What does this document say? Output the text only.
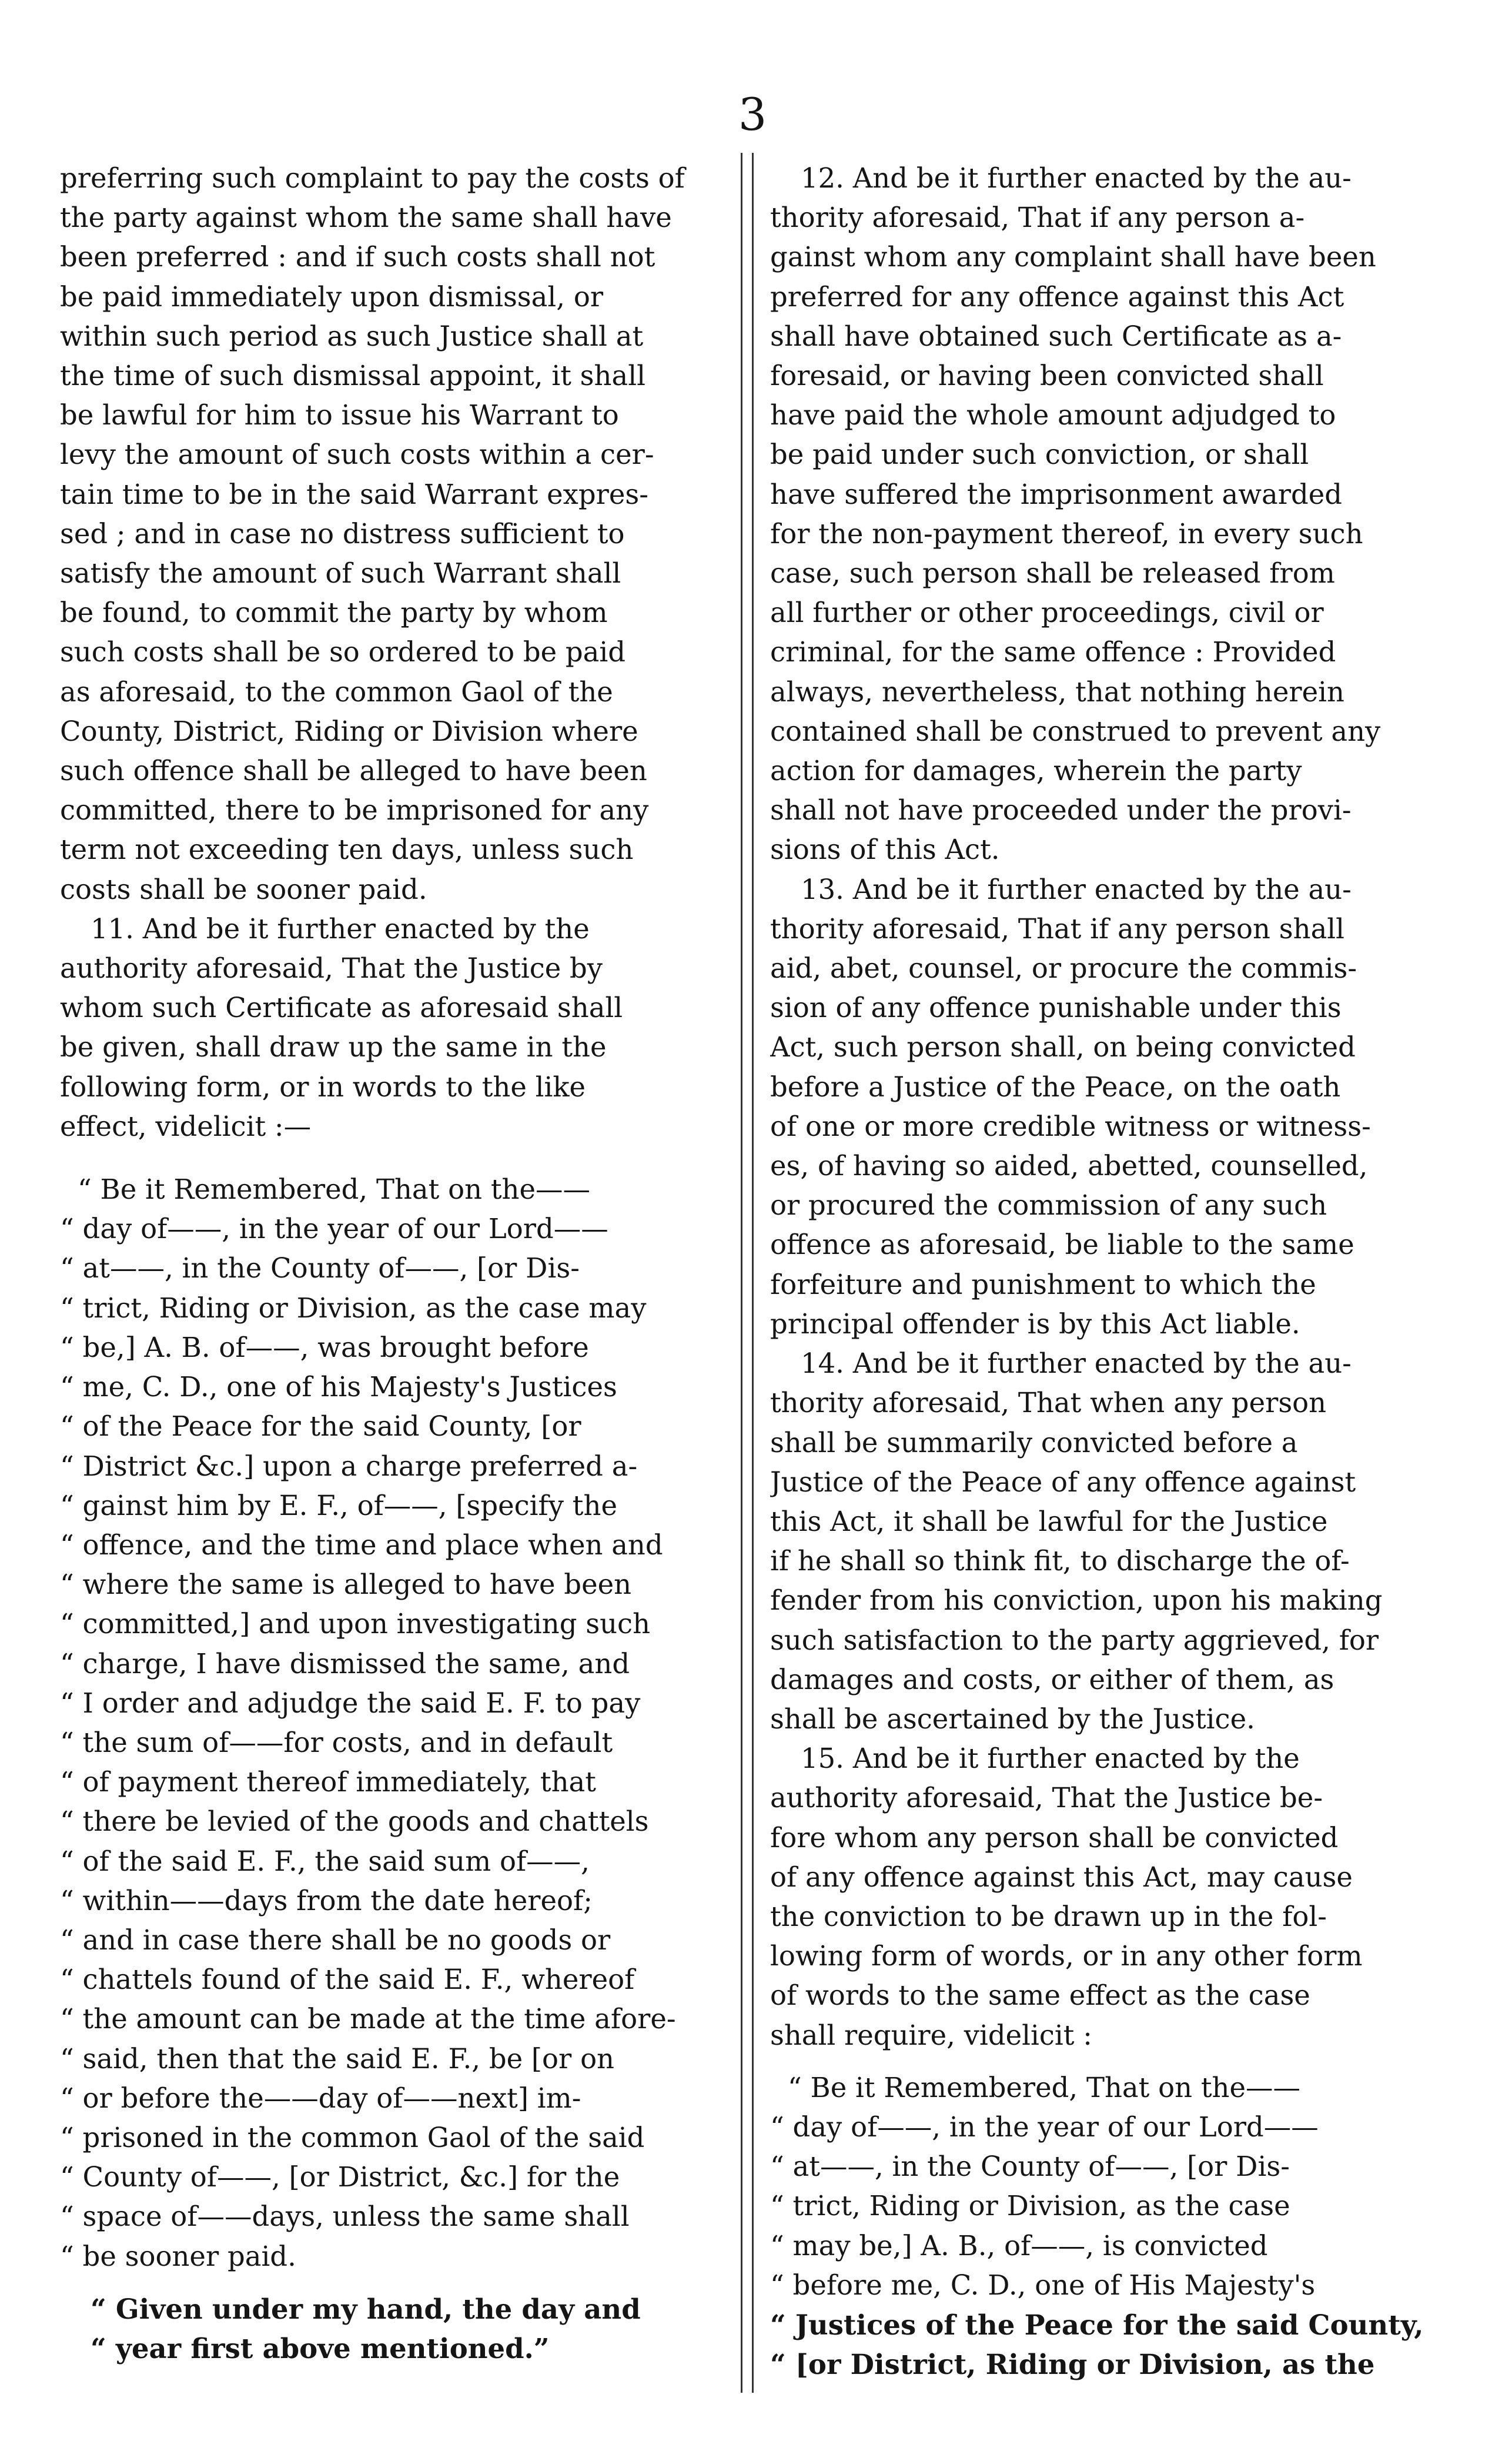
3
preferring such complaint to pay the costs of
the party against whom the same shall have
been preferred : and if such costs shall not
be paid immediately upon dismissal, or
within such period as such Justice shall at
the time of such dismissal appoint, it shall
be lawful for him to issue his Warrant to
levy the amount of such costs within a cer-
tain time to be in the said Warrant expres-
sed ; and in case no distress sufficient to
satisfy the amount of such Warrant shall
be found, to commit the party by whom
such costs shall be so ordered to be paid
as aforesaid, to the common Gaol of the
County, District, Riding or Division where
such offence shall be alleged to have been
committed, there to be imprisoned for any
term not exceeding ten days, unless such
costs shall be sooner paid.
11. And be it further enacted by the
authority aforesaid, That the Justice by
whom such Certificate as aforesaid shall
be given, shall draw up the same in the
following form, or in words to the like
effect, videlicit :—
“ Be it Remembered, That on the——
“ day of——, in the year of our Lord——
“ at——, in the County of——, [or Dis-
“ trict, Riding or Division, as the case may
“ be,] A. B. of——, was brought before
“ me, C. D., one of his Majesty's Justices
“ of the Peace for the said County, [or
“ District &c.] upon a charge preferred a-
“ gainst him by E. F., of——, [specify the
“ offence, and the time and place when and
“ where the same is alleged to have been
“ committed,] and upon investigating such
“ charge, I have dismissed the same, and
“ I order and adjudge the said E. F. to pay
“ the sum of——for costs, and in default
“ of payment thereof immediately, that
“ there be levied of the goods and chattels
“ of the said E. F., the said sum of——,
“ within——days from the date hereof;
“ and in case there shall be no goods or
“ chattels found of the said E. F., whereof
“ the amount can be made at the time afore-
“ said, then that the said E. F., be [or on
“ or before the——day of——next] im-
“ prisoned in the common Gaol of the said
“ County of——, [or District, &c.] for the
“ space of——days, unless the same shall
“ be sooner paid.
“ Given under my hand, the day and
“ year first above mentioned.”
12. And be it further enacted by the au-
thority aforesaid, That if any person a-
gainst whom any complaint shall have been
preferred for any offence against this Act
shall have obtained such Certificate as a-
foresaid, or having been convicted shall
have paid the whole amount adjudged to
be paid under such conviction, or shall
have suffered the imprisonment awarded
for the non-payment thereof, in every such
case, such person shall be released from
all further or other proceedings, civil or
criminal, for the same offence : Provided
always, nevertheless, that nothing herein
contained shall be construed to prevent any
action for damages, wherein the party
shall not have proceeded under the provi-
sions of this Act.
13. And be it further enacted by the au-
thority aforesaid, That if any person shall
aid, abet, counsel, or procure the commis-
sion of any offence punishable under this
Act, such person shall, on being convicted
before a Justice of the Peace, on the oath
of one or more credible witness or witness-
es, of having so aided, abetted, counselled,
or procured the commission of any such
offence as aforesaid, be liable to the same
forfeiture and punishment to which the
principal offender is by this Act liable.
14. And be it further enacted by the au-
thority aforesaid, That when any person
shall be summarily convicted before a
Justice of the Peace of any offence against
this Act, it shall be lawful for the Justice
if he shall so think fit, to discharge the of-
fender from his conviction, upon his making
such satisfaction to the party aggrieved, for
damages and costs, or either of them, as
shall be ascertained by the Justice.
15. And be it further enacted by the
authority aforesaid, That the Justice be-
fore whom any person shall be convicted
of any offence against this Act, may cause
the conviction to be drawn up in the fol-
lowing form of words, or in any other form
of words to the same effect as the case
shall require, videlicit :
“ Be it Remembered, That on the——
“ day of——, in the year of our Lord——
“ at——, in the County of——, [or Dis-
“ trict, Riding or Division, as the case
“ may be,] A. B., of——, is convicted
“ before me, C. D., one of His Majesty's
“ Justices of the Peace for the said County,
“ [or District, Riding or Division, as the
